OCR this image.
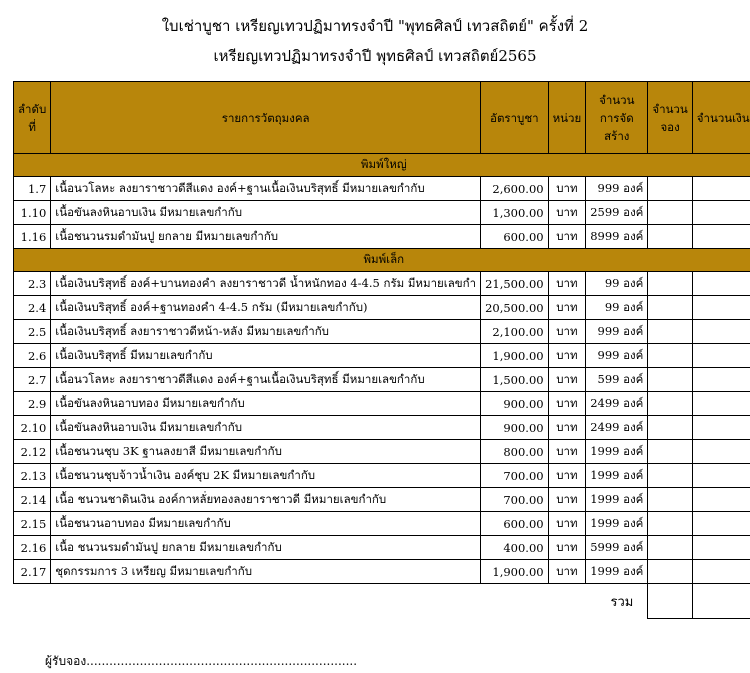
ใบเช่าบูชา เหรียญเทวปฏิมาทรงจำปี "พุทธศิลป์ เทวสถิตย์" ครั้งที่ 2
เหรียญเทวปฏิมาทรงจำปี พุทธศิลป์ เทวสถิตย์2565
ลำดับที่	รายการวัตถุมงคล	อัตราบูชา	หน่วย	จำนวนการจัดสร้าง	จำนวนจอง	จำนวนเงิน
พิมพ์ใหญ่						
1.7	เนื้อนวโลหะ ลงยาราชาวดีสีแดง องค์+ฐานเนื้อเงินบริสุทธิ์ มีหมายเลขกำกับ	2,600.00	บาท	999 องค์		
1.10	เนื้อขันลงหินอาบเงิน มีหมายเลขกำกับ	1,300.00	บาท	2599 องค์		
1.16	เนื้อชนวนรมดำมันปู ยกลาย มีหมายเลขกำกับ	600.00	บาท	8999 องค์		
พิมพ์เล็ก						
2.3	เนื้อเงินบริสุทธิ์ องค์+บานทองคำ ลงยาราชาวดี น้ำหนักทอง 4-4.5 กรัม มีหมายเลขกำ	21,500.00	บาท	99 องค์		
2.4	เนื้อเงินบริสุทธิ์ องค์+ฐานทองคำ 4-4.5 กรัม (มีหมายเลขกำกับ)	20,500.00	บาท	99 องค์		
2.5	เนื้อเงินบริสุทธิ์ ลงยาราชาวดีหน้า-หลัง มีหมายเลขกำกับ	2,100.00	บาท	999 องค์		
2.6	เนื้อเงินบริสุทธิ์ มีหมายเลขกำกับ	1,900.00	บาท	999 องค์		
2.7	เนื้อนวโลหะ ลงยาราชาวดีสีแดง องค์+ฐานเนื้อเงินบริสุทธิ์ มีหมายเลขกำกับ	1,500.00	บาท	599 องค์		
2.9	เนื้อขันลงหินอาบทอง มีหมายเลขกำกับ	900.00	บาท	2499 องค์		
2.10	เนื้อขันลงหินอาบเงิน มีหมายเลขกำกับ	900.00	บาท	2499 องค์		
2.12	เนื้อชนวนชุบ 3K ฐานลงยาสี มีหมายเลขกำกับ	800.00	บาท	1999 องค์		
2.13	เนื้อชนวนชุบจ้าวน้ำเงิน องค์ชุบ 2K มีหมายเลขกำกับ	700.00	บาท	1999 องค์		
2.14	เนื้อ ชนวนชาดินเงิน องค์กาหลั่ยทองลงยาราชาวดี มีหมายเลขกำกับ	700.00	บาท	1999 องค์		
2.15	เนื้อชนวนอาบทอง มีหมายเลขกำกับ	600.00	บาท	1999 องค์		
2.16	เนื้อ ชนวนรมดำมันปู ยกลาย มีหมายเลขกำกับ	400.00	บาท	5999 องค์		
2.17	ชุดกรรมการ 3 เหรียญ มีหมายเลขกำกับ	1,900.00	บาท	1999 องค์		

รวม						

ผู้รับจอง.......................................................................
